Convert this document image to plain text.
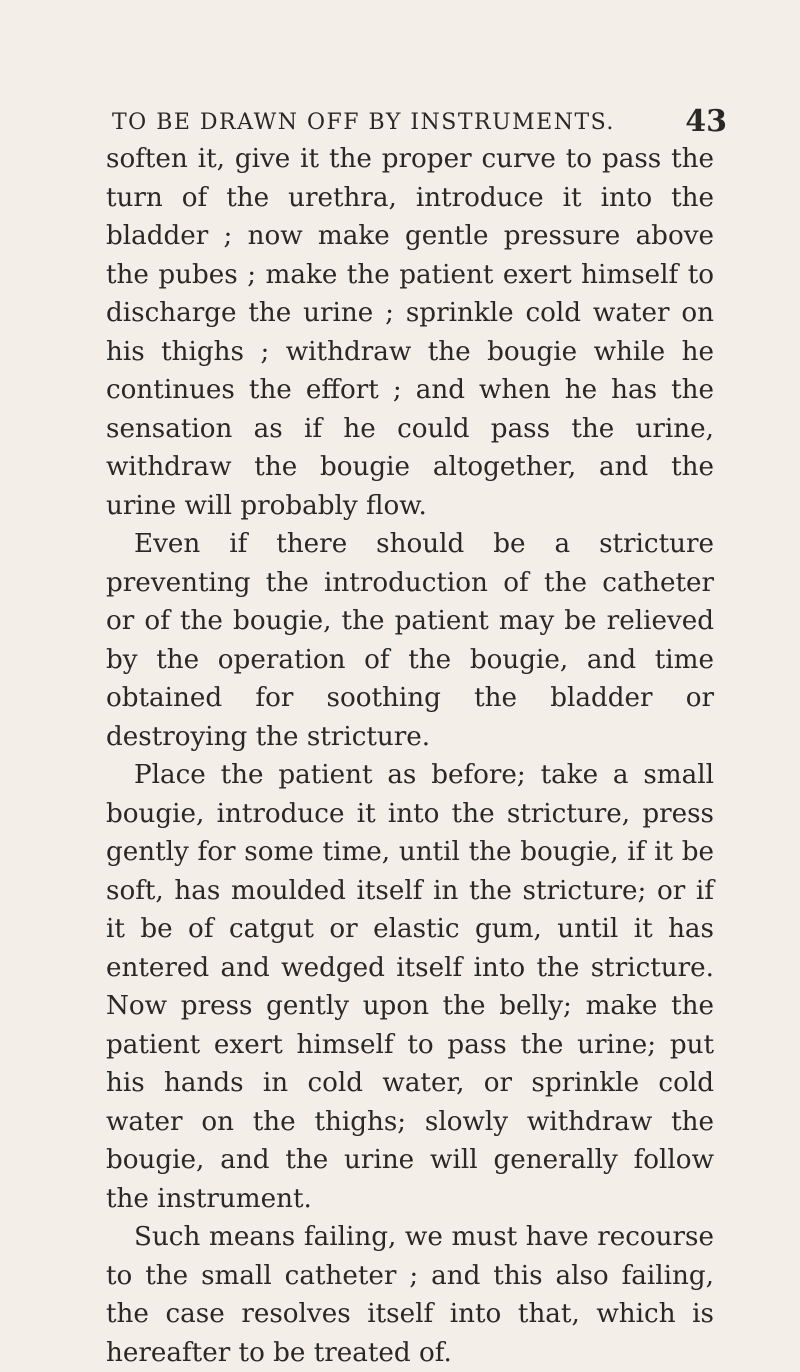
TO BE DRAWN OFF BY INSTRUMENTS. 43

soften it, give it the proper curve to pass the turn of the urethra, introduce it into the bladder ; now make gentle pressure above the pubes ; make the patient exert himself to discharge the urine ; sprinkle cold water on his thighs ; withdraw the bougie while he continues the effort ; and when he has the sensation as if he could pass the urine, withdraw the bougie altogether, and the urine will probably flow.

Even if there should be a stricture preventing the introduction of the catheter or of the bougie, the patient may be relieved by the operation of the bougie, and time obtained for soothing the bladder or destroying the stricture.

Place the patient as before; take a small bougie, introduce it into the stricture, press gently for some time, until the bougie, if it be soft, has moulded itself in the stricture; or if it be of catgut or elastic gum, until it has entered and wedged itself into the stricture. Now press gently upon the belly; make the patient exert himself to pass the urine; put his hands in cold water, or sprinkle cold water on the thighs; slowly withdraw the bougie, and the urine will generally follow the instrument.

Such means failing, we must have recourse to the small catheter ; and this also failing, the case resolves itself into that, which is hereafter to be treated of.
